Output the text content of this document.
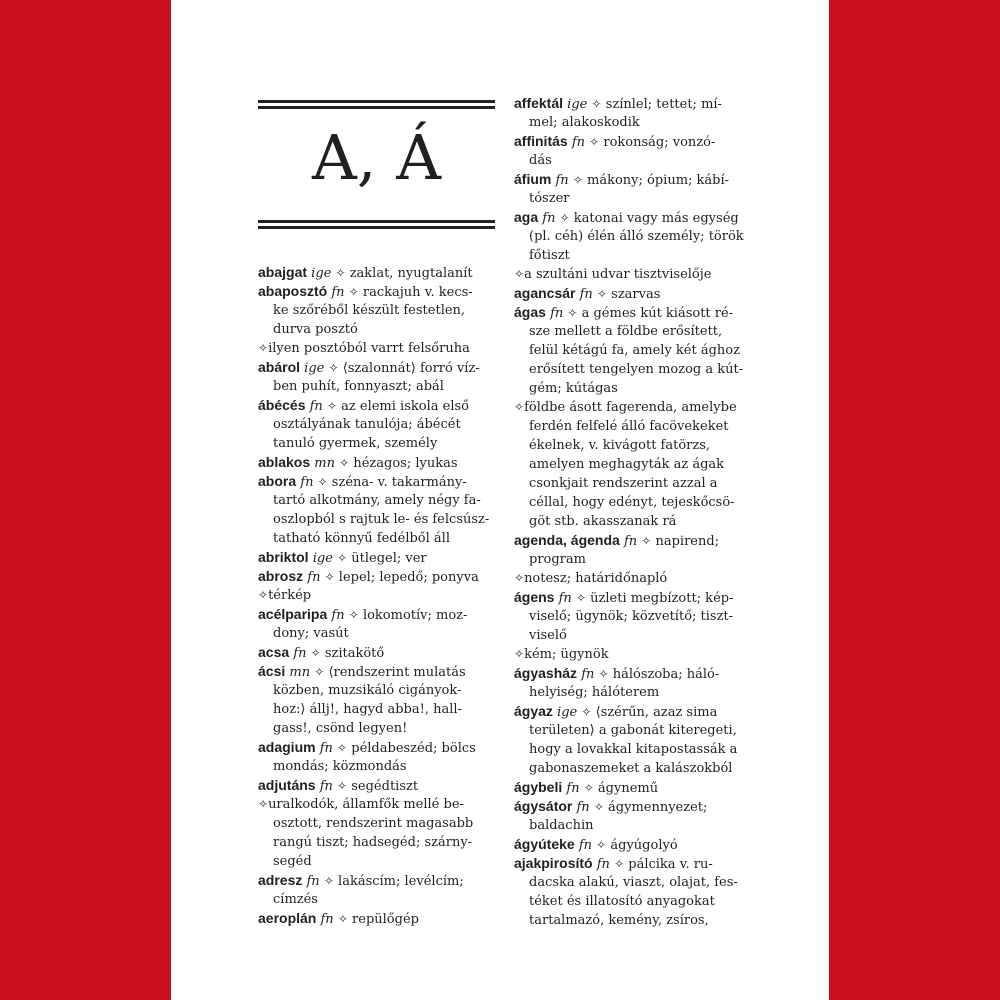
A, Á
abajgat ige ✧ zaklat, nyugtalanít
abaposztó fn ✧ rackajuh v. kecs-
ke szőréből készült festetlen,
durva posztó
✧ilyen posztóból varrt felsőruha
abárol ige ✧ ⟨szalonnát⟩ forró víz-
ben puhít, fonnyaszt; abál
ábécés fn ✧ az elemi iskola első
osztályának tanulója; ábécét
tanuló gyermek, személy
ablakos mn ✧ hézagos; lyukas
abora fn ✧ széna- v. takarmány-
tartó alkotmány, amely négy fa-
oszlopból s rajtuk le- és felcsúsz-
tatható könnyű fedélből áll
abriktol ige ✧ ütlegel; ver
abrosz fn ✧ lepel; lepedő; ponyva
✧térkép
acélparipa fn ✧ lokomotív; moz-
dony; vasút
acsa fn ✧ szitakötő
ácsi mn ✧ ⟨rendszerint mulatás
közben, muzsikáló cigányok-
hoz:⟩ állj!, hagyd abba!, hall-
gass!, csönd legyen!
adagium fn ✧ példabeszéd; bölcs
mondás; közmondás
adjutáns fn ✧ segédtiszt
✧uralkodók, államfők mellé be-
osztott, rendszerint magasabb
rangú tiszt; hadsegéd; szárny-
segéd
adresz fn ✧ lakáscím; levélcím;
címzés
aeroplán fn ✧ repülőgép
affektál ige ✧ színlel; tettet; mí-
mel; alakoskodik
affinitás fn ✧ rokonság; vonzó-
dás
áfium fn ✧ mákony; ópium; kábí-
tószer
aga fn ✧ katonai vagy más egység
(pl. céh) élén álló személy; török
főtiszt
✧a szultáni udvar tisztviselője
agancsár fn ✧ szarvas
ágas fn ✧ a gémes kút kiásott ré-
sze mellett a földbe erősített,
felül kétágú fa, amely két ághoz
erősített tengelyen mozog a kút-
gém; kútágas
✧földbe ásott fagerenda, amelybe
ferdén felfelé álló facövekeket
ékelnek, v. kivágott fatörzs,
amelyen meghagyták az ágak
csonkjait rendszerint azzal a
céllal, hogy edényt, tejeskőcsö-
göt stb. akasszanak rá
agenda, ágenda fn ✧ napirend;
program
✧notesz; határidőnapló
ágens fn ✧ üzleti megbízott; kép-
viselő; ügynök; közvetítő; tiszt-
viselő
✧kém; ügynök
ágyasház fn ✧ hálószoba; háló-
helyiség; hálóterem
ágyaz ige ✧ ⟨szérűn, azaz sima
területen⟩ a gabonát kiteregeti,
hogy a lovakkal kitapostassák a
gabonaszemeket a kalászokból
ágybeli fn ✧ ágynemű
ágysátor fn ✧ ágymennyezet;
baldachin
ágyúteke fn ✧ ágyúgolyó
ajakpirosító fn ✧ pálcika v. ru-
dacska alakú, viaszt, olajat, fes-
téket és illatosító anyagokat
tartalmazó, kemény, zsíros,
